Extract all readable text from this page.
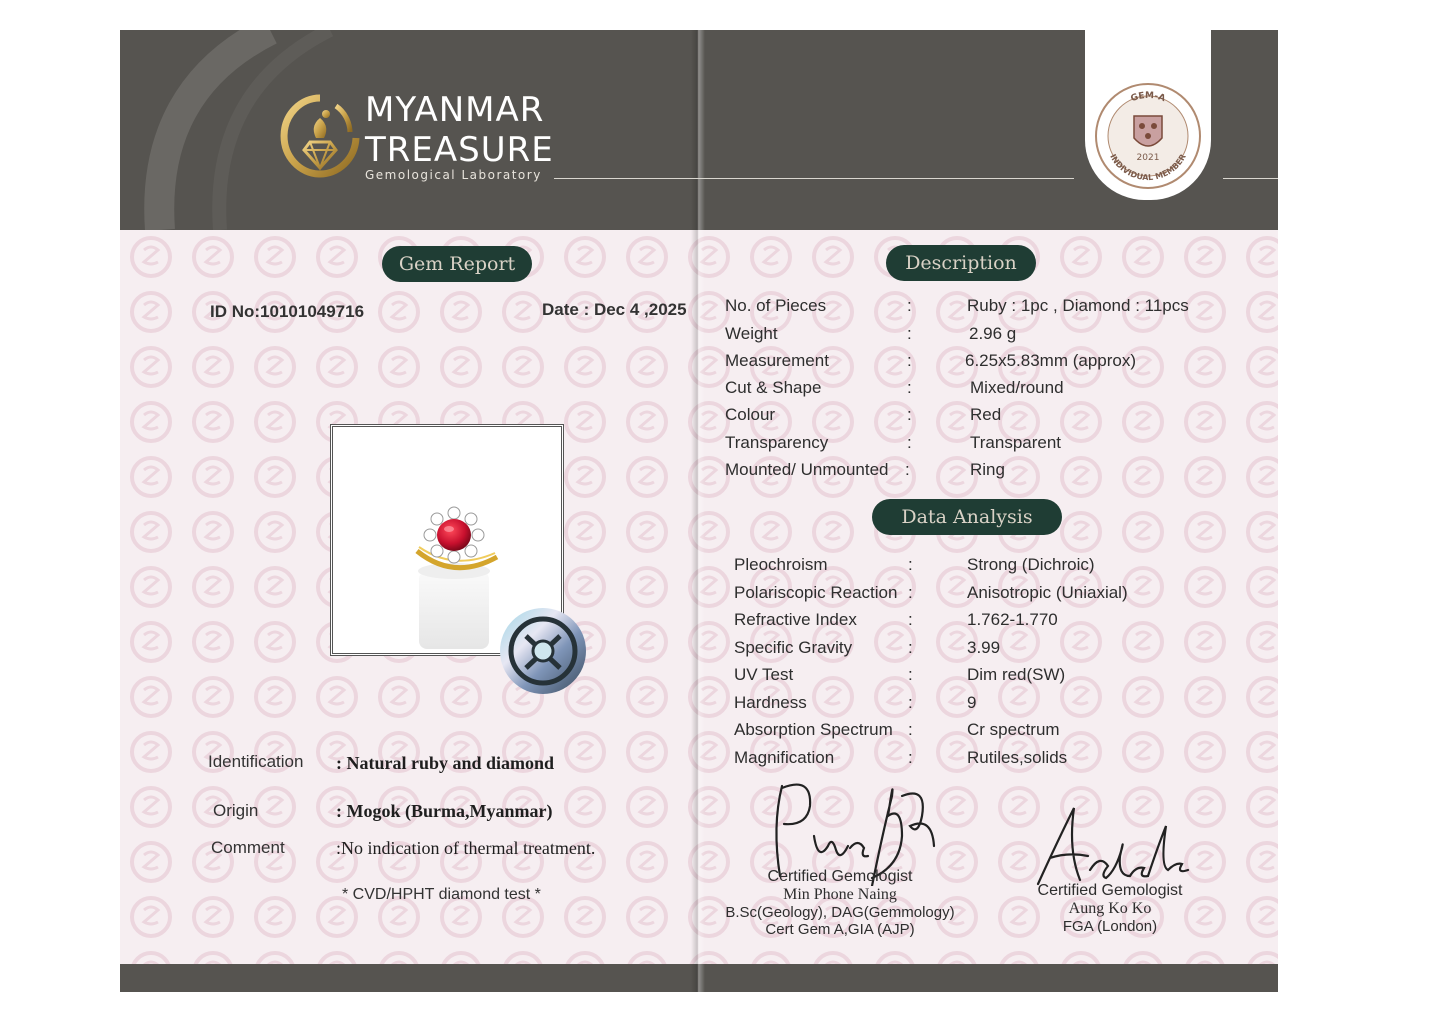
MYANMAR
TREASURE
Gemological Laboratory
GEM-A
INDIVIDUAL MEMBER
2021
Gem Report
ID No:10101049716	Date : Dec 4 ,2025
Identification : Natural ruby and diamond
Origin	: Mogok (Burma,Myanmar)
Comment	:No indication of thermal treatment.
* CVD/HPHT diamond test *
Description
No. of Pieces	:	Ruby : 1pc , Diamond : 11pcs
Weight	:	2.96 g
Measurement	:	6.25x5.83mm (approx)
Cut & Shape	:	Mixed/round
Colour	:	Red
Transparency	:	Transparent
Mounted/ Unmounted :	Ring
Data Analysis
Pleochroism	:	Strong (Dichroic)
Polariscopic Reaction :	Anisotropic (Uniaxial)
Refractive Index	:	1.762-1.770
Specific Gravity	:	3.99
UV Test	:	Dim red(SW)
Hardness	:	9
Absorption Spectrum :	Cr spectrum
Magnification	:	Rutiles,solids
Certified Gemologist
Min Phone Naing
B.Sc(Geology), DAG(Gemmology)
Cert Gem A,GIA (AJP)
Certified Gemologist
Aung Ko Ko
FGA (London)
